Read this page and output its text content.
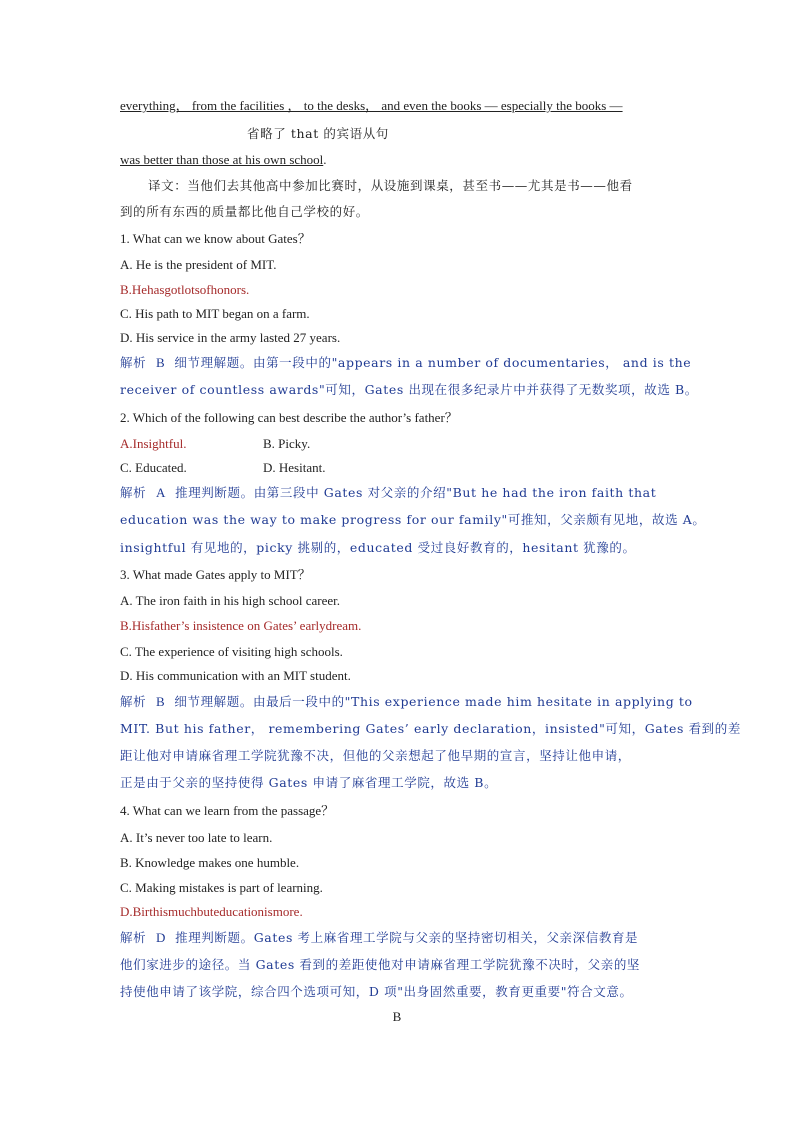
everything， from the facilities ， to the desks， and even the books — especially the books —
省略了 that 的宾语从句
was better than those at his own school.
译文：当他们去其他高中参加比赛时，从设施到课桌，甚至书——尤其是书——他看
到的所有东西的质量都比他自己学校的好。
1. What can we know about Gates？
A. He is the president of MIT.
B.Hehasgotlotsofhonors.
C. His path to MIT began on a farm.
D. His service in the army lasted 27 years.
解析 B 细节理解题。由第一段中的"appears in a number of documentaries， and is the
receiver of countless awards"可知，Gates 出现在很多纪录片中并获得了无数奖项，故选 B。
2. Which of the following can best describe the author’s father？
A.Insightful.	B. Picky.
C. Educated.	D. Hesitant.
解析 A 推理判断题。由第三段中 Gates 对父亲的介绍"But he had the iron faith that
education was the way to make progress for our family"可推知，父亲颇有见地，故选 A。
insightful 有见地的，picky 挑剔的，educated 受过良好教育的，hesitant 犹豫的。
3. What made Gates apply to MIT？
A. The iron faith in his high school career.
B.Hisfather’s insistence on Gates’ earlydream.
C. The experience of visiting high schools.
D. His communication with an MIT student.
解析 B 细节理解题。由最后一段中的"This experience made him hesitate in applying to
MIT. But his father， remembering Gates’ early declaration，insisted"可知，Gates 看到的差
距让他对申请麻省理工学院犹豫不决，但他的父亲想起了他早期的宣言，坚持让他申请，
正是由于父亲的坚持使得 Gates 申请了麻省理工学院，故选 B。
4. What can we learn from the passage？
A. It’s never too late to learn.
B. Knowledge makes one humble.
C. Making mistakes is part of learning.
D.Birthismuchbuteducationismore.
解析 D 推理判断题。Gates 考上麻省理工学院与父亲的坚持密切相关，父亲深信教育是
他们家进步的途径。当 Gates 看到的差距使他对申请麻省理工学院犹豫不决时，父亲的坚
持使他申请了该学院，综合四个选项可知，D 项"出身固然重要，教育更重要"符合文意。
B
